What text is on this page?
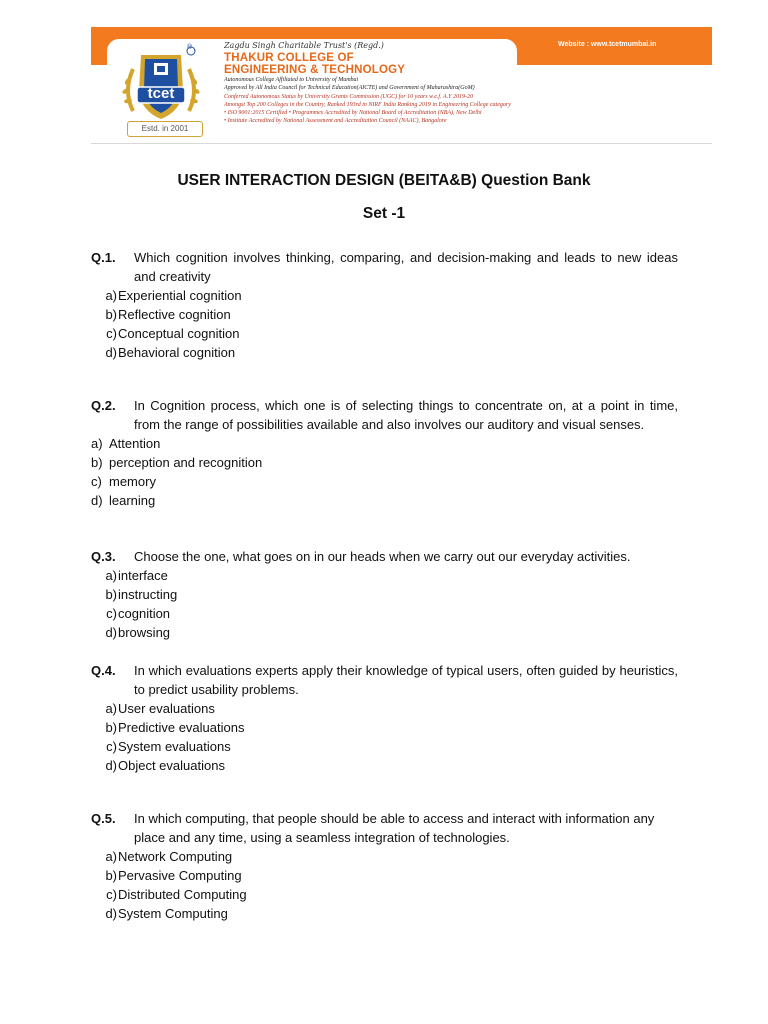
Website : www.tcetmumbai.in
tcet
®
Estd. in 2001

Zagdu Singh Charitable Trust's (Regd.)

THAKUR COLLEGE OF

ENGINEERING & TECHNOLOGY

Autonomous College Affiliated to University of Mumbai

Approved by All India Council for Technical Education(AICTE) and Government of Maharashtra(GoM)

Conferred Autonomous Status by University Grants Commission (UGC) for 10 years w.e.f. A.Y 2019-20

Amongst Top 200 Colleges in the Country, Ranked 193rd in NIRF India Ranking 2019 in Engineering College category

• ISO 9001:2015 Certified • Programmes Accredited by National Board of Accreditation (NBA), New Delhi

• Institute Accredited by National Assessment and Accreditation Council (NAAC), Bangalore

USER INTERACTION DESIGN (BEITA&B) Question Bank
Set -1
Q.1.	Which cognition involves thinking, comparing, and decision-making and leads to new ideas and creativity
a) Experiential cognition
b) Reflective cognition
c) Conceptual cognition
d) Behavioral cognition
Q.2.	In Cognition process, which one is of selecting things to concentrate on, at a point in time, from the range of possibilities available and also involves our auditory and visual senses.
a) Attention
b) perception and recognition
c) memory
d) learning
Q.3.	Choose the one, what goes on in our heads when we carry out our everyday activities.
a) interface
b) instructing
c) cognition
d) browsing
Q.4.	In which evaluations experts apply their knowledge of typical users, often guided by heuristics, to predict usability problems.
a) User evaluations
b) Predictive evaluations
c) System evaluations
d) Object evaluations
Q.5.	In which computing, that people should be able to access and interact with information any place and any time, using a seamless integration of technologies.
a) Network Computing
b) Pervasive Computing
c) Distributed Computing
d) System Computing
